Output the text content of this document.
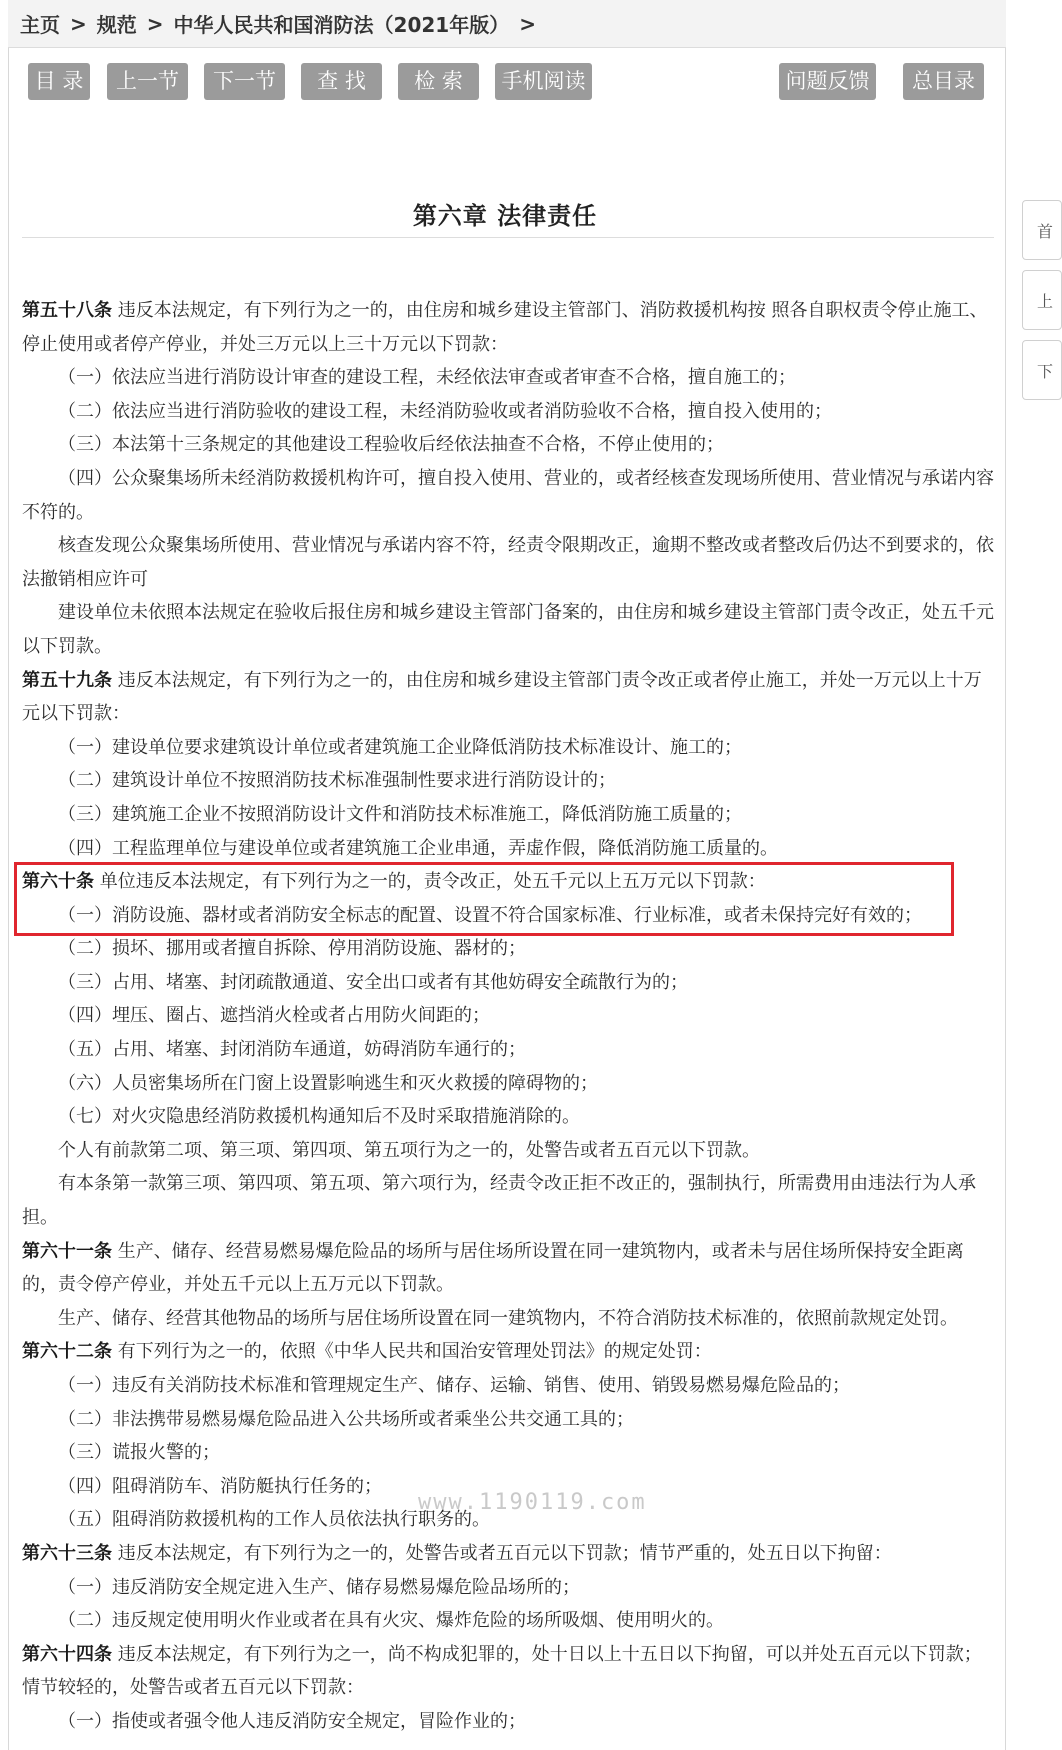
主页 > 规范 > 中华人民共和国消防法（2021年版） >
目 录	上一节	下一节	查 找	检 索	手机阅读	问题反馈	总目录
第六章 法律责任

第五十八条 违反本法规定，有下列行为之一的，由住房和城乡建设主管部门、消防救援机构按 照各自职权责令停止施工、停止使用或者停产停业，并处三万元以上三十万元以下罚款：

（一）依法应当进行消防设计审查的建设工程，未经依法审查或者审查不合格，擅自施工的；

（二）依法应当进行消防验收的建设工程，未经消防验收或者消防验收不合格，擅自投入使用的；

（三）本法第十三条规定的其他建设工程验收后经依法抽查不合格，不停止使用的；

（四）公众聚集场所未经消防救援机构许可，擅自投入使用、营业的，或者经核查发现场所使用、营业情况与承诺内容不符的。

核查发现公众聚集场所使用、营业情况与承诺内容不符，经责令限期改正，逾期不整改或者整改后仍达不到要求的，依法撤销相应许可

建设单位未依照本法规定在验收后报住房和城乡建设主管部门备案的，由住房和城乡建设主管部门责令改正，处五千元以下罚款。

第五十九条 违反本法规定，有下列行为之一的，由住房和城乡建设主管部门责令改正或者停止施工，并处一万元以上十万元以下罚款：

（一）建设单位要求建筑设计单位或者建筑施工企业降低消防技术标准设计、施工的；

（二）建筑设计单位不按照消防技术标准强制性要求进行消防设计的；

（三）建筑施工企业不按照消防设计文件和消防技术标准施工，降低消防施工质量的；

（四）工程监理单位与建设单位或者建筑施工企业串通，弄虚作假，降低消防施工质量的。

第六十条 单位违反本法规定，有下列行为之一的，责令改正，处五千元以上五万元以下罚款：

（一）消防设施、器材或者消防安全标志的配置、设置不符合国家标准、行业标准，或者未保持完好有效的；

（二）损坏、挪用或者擅自拆除、停用消防设施、器材的；

（三）占用、堵塞、封闭疏散通道、安全出口或者有其他妨碍安全疏散行为的；

（四）埋压、圈占、遮挡消火栓或者占用防火间距的；

（五）占用、堵塞、封闭消防车通道，妨碍消防车通行的；

（六）人员密集场所在门窗上设置影响逃生和灭火救援的障碍物的；

（七）对火灾隐患经消防救援机构通知后不及时采取措施消除的。

个人有前款第二项、第三项、第四项、第五项行为之一的，处警告或者五百元以下罚款。

有本条第一款第三项、第四项、第五项、第六项行为，经责令改正拒不改正的，强制执行，所需费用由违法行为人承担。

第六十一条 生产、储存、经营易燃易爆危险品的场所与居住场所设置在同一建筑物内，或者未与居住场所保持安全距离的，责令停产停业，并处五千元以上五万元以下罚款。

生产、储存、经营其他物品的场所与居住场所设置在同一建筑物内，不符合消防技术标准的，依照前款规定处罚。

第六十二条 有下列行为之一的，依照《中华人民共和国治安管理处罚法》的规定处罚：

（一）违反有关消防技术标准和管理规定生产、储存、运输、销售、使用、销毁易燃易爆危险品的；

（二）非法携带易燃易爆危险品进入公共场所或者乘坐公共交通工具的；

（三）谎报火警的；

（四）阻碍消防车、消防艇执行任务的；

（五）阻碍消防救援机构的工作人员依法执行职务的。

第六十三条 违反本法规定，有下列行为之一的，处警告或者五百元以下罚款；情节严重的，处五日以下拘留：

（一）违反消防安全规定进入生产、储存易燃易爆危险品场所的；

（二）违反规定使用明火作业或者在具有火灾、爆炸危险的场所吸烟、使用明火的。

第六十四条 违反本法规定，有下列行为之一，尚不构成犯罪的，处十日以上十五日以下拘留，可以并处五百元以下罚款；情节较轻的，处警告或者五百元以下罚款：

（一）指使或者强令他人违反消防安全规定，冒险作业的；

www.1190119.com
首
上
下
